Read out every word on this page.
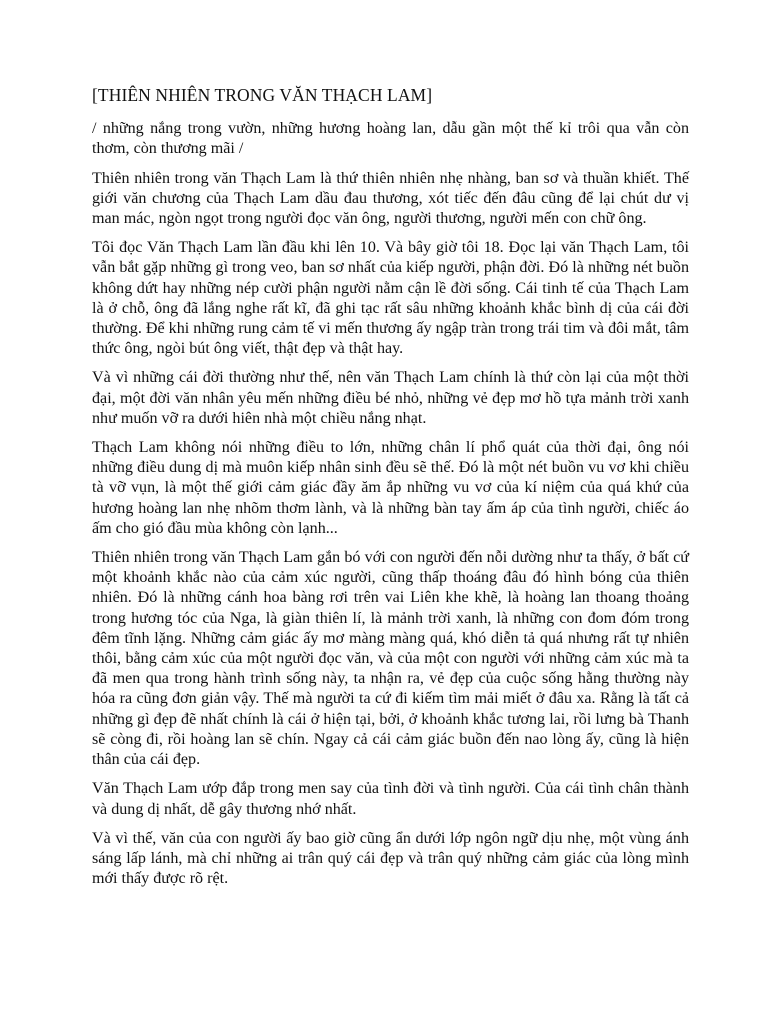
[THIÊN NHIÊN TRONG VĂN THẠCH LAM]

/ những nắng trong vườn, những hương hoàng lan, dẫu gần một thế kỉ trôi qua vẫn còn thơm, còn thương mãi /

Thiên nhiên trong văn Thạch Lam là thứ thiên nhiên nhẹ nhàng, ban sơ và thuần khiết. Thế giới văn chương của Thạch Lam dầu đau thương, xót tiếc đến đâu cũng để lại chút dư vị man mác, ngòn ngọt trong người đọc văn ông, người thương, người mến con chữ ông.

Tôi đọc Văn Thạch Lam lần đầu khi lên 10. Và bây giờ tôi 18. Đọc lại văn Thạch Lam, tôi vẫn bắt gặp những gì trong veo, ban sơ nhất của kiếp người, phận đời. Đó là những nét buồn không dứt hay những nép cười phận người nằm cận lề đời sống. Cái tinh tế của Thạch Lam là ở chỗ, ông đã lắng nghe rất kĩ, đã ghi tạc rất sâu những khoảnh khắc bình dị của cái đời thường. Để khi những rung cảm tế vi mến thương ấy ngập tràn trong trái tim và đôi mắt, tâm thức ông, ngòi bút ông viết, thật đẹp và thật hay.

Và vì những cái đời thường như thế, nên văn Thạch Lam chính là thứ còn lại của một thời đại, một đời văn nhân yêu mến những điều bé nhỏ, những vẻ đẹp mơ hồ tựa mảnh trời xanh như muốn vỡ ra dưới hiên nhà một chiều nắng nhạt.

Thạch Lam không nói những điều to lớn, những chân lí phổ quát của thời đại, ông nói những điều dung dị mà muôn kiếp nhân sinh đều sẽ thế. Đó là một nét buồn vu vơ khi chiều tà vỡ vụn, là một thế giới cảm giác đầy ăm ắp những vu vơ của kí niệm của quá khứ của hương hoàng lan nhẹ nhõm thơm lành, và là những bàn tay ấm áp của tình người, chiếc áo ấm cho gió đầu mùa không còn lạnh...

Thiên nhiên trong văn Thạch Lam gắn bó với con người đến nỗi dường như ta thấy, ở bất cứ một khoảnh khắc nào của cảm xúc người, cũng thấp thoáng đâu đó hình bóng của thiên nhiên. Đó là những cánh hoa bàng rơi trên vai Liên khe khẽ, là hoàng lan thoang thoảng trong hương tóc của Nga, là giàn thiên lí, là mảnh trời xanh, là những con đom đóm trong đêm tĩnh lặng. Những cảm giác ấy mơ màng màng quá, khó diễn tả quá nhưng rất tự nhiên thôi, bằng cảm xúc của một người đọc văn, và của một con người với những cảm xúc mà ta đã men qua trong hành trình sống này, ta nhận ra, vẻ đẹp của cuộc sống hằng thường này hóa ra cũng đơn giản vậy. Thế mà người ta cứ đi kiếm tìm mải miết ở đâu xa. Rằng là tất cả những gì đẹp đẽ nhất chính là cái ở hiện tại, bởi, ở khoảnh khắc tương lai, rồi lưng bà Thanh sẽ còng đi, rồi hoàng lan sẽ chín. Ngay cả cái cảm giác buồn đến nao lòng ấy, cũng là hiện thân của cái đẹp.

Văn Thạch Lam ướp đắp trong men say của tình đời và tình người. Của cái tình chân thành và dung dị nhất, dễ gây thương nhớ nhất.

Và vì thế, văn của con người ấy bao giờ cũng ẩn dưới lớp ngôn ngữ dịu nhẹ, một vùng ánh sáng lấp lánh, mà chỉ những ai trân quý cái đẹp và trân quý những cảm giác của lòng mình mới thấy được rõ rệt.
